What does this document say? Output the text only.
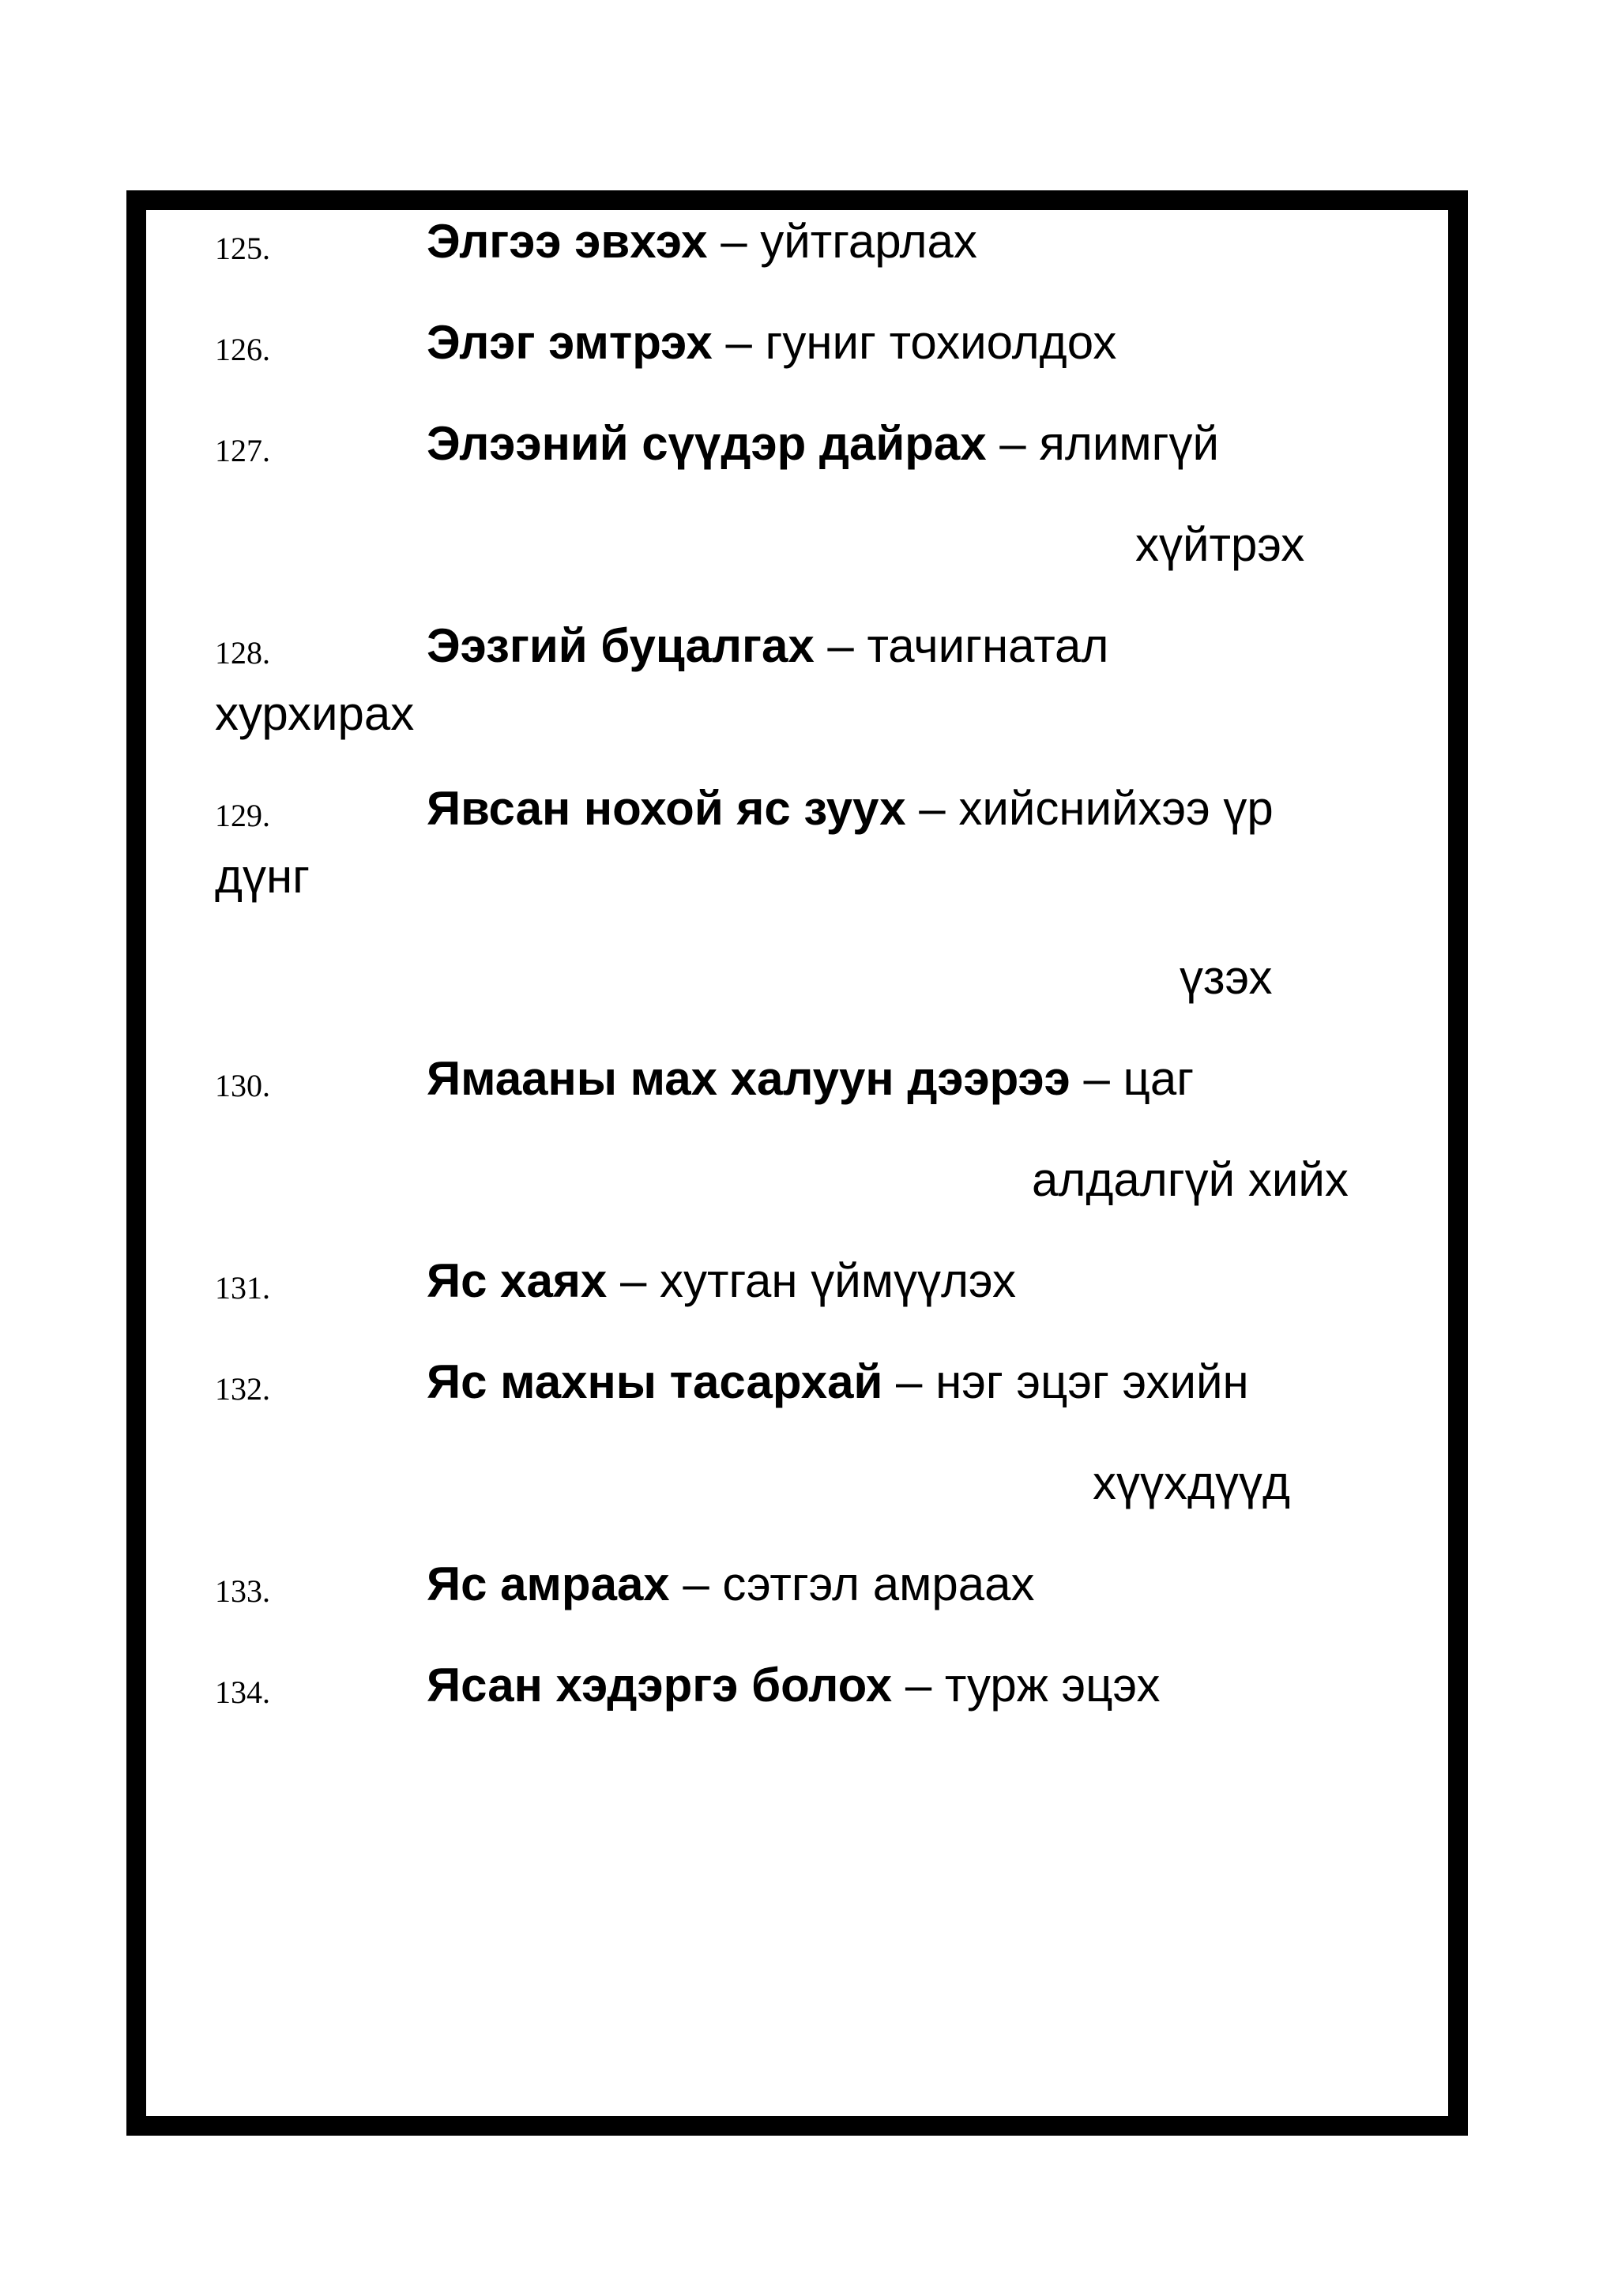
125.	Элгээ эвхэх – уйтгарлах
126.	Элэг эмтрэх – гуниг тохиолдох
127.	Элээний сүүдэр дайрах – ялимгүй
хүйтрэх
128.	Ээзгий буцалгах – тачигнатал
хурхирах
129.	Явсан нохой яс зуух – хийснийхээ үр
дүнг
үзэх
130.	Ямааны мах халуун дээрээ – цаг
алдалгүй хийх
131.	Яс хаях – хутган үймүүлэх
132.	Яс махны тасархай – нэг эцэг эхийн
хүүхдүүд
133.	Яс амраах – сэтгэл амраах
134.	Ясан хэдэргэ болох – турж эцэх
